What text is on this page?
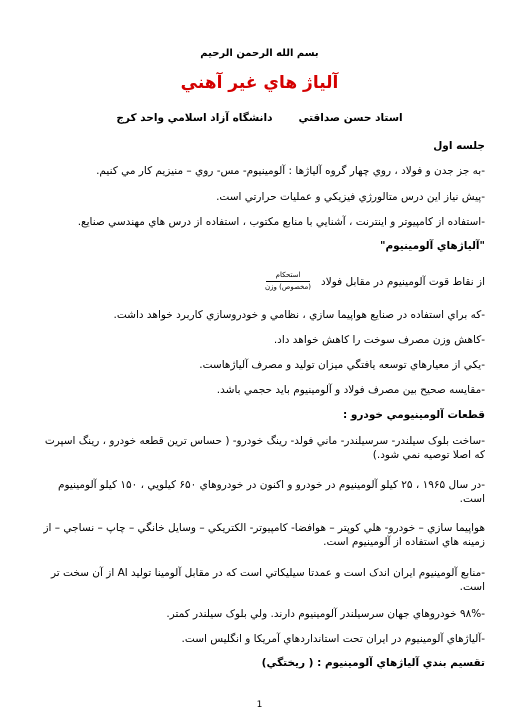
بسم الله الرحمن الرحيم
آلياژ هاي غير آهني
استاد حسن صداقتيدانشگاه آزاد اسلامي واحد کرج
جلسه اول
-به جز جدن و فولاد ، روي چهار گروه آلياژها : آلومينيوم- مس- روي – منيزيم کار مي کنيم.
-پيش نياز اين درس متالورژي فيزيکي و عمليات حرارتي است.
-استفاده از کامپيوتر و اينترنت ، آشنايي با منابع مکتوب ، استفاده از درس هاي مهندسي صنايع.
"آلياژهاي آلومينيوم"
از نقاط قوت آلومينيوم در مقابل فولاد
$\frac{\text{استحکام}}{\text{(مخصوص) وزن}}$
-که براي استفاده در صنايع هواپيما سازي ، نظامي و خودروسازي کاربرد خواهد داشت.
-کاهش وزن مصرف سوخت را کاهش خواهد داد.
-يکي از معيارهاي توسعه يافتگي ميزان توليد و مصرف آلياژهاست.
-مقايسه صحيح بين مصرف فولاد و آلومينيوم بايد حجمي باشد.
قطعات آلومينيومي خودرو :
-ساخت بلوک سيلندر- سرسيلندر- ماني فولد- رينگ خودرو- ( حساس ترين قطعه خودرو ، رينگ اسپرت که اصلا توصيه نمي شود.)
-در سال ۱۹۶۵ ، ۲۵ کيلو آلومينيوم در خودرو و اکنون در خودروهاي ۶۵۰ کيلويي ، ۱۵۰ کيلو آلومينيوم است.
هواپيما سازي – خودرو- هلي کوپتر – هوافضا- کامپيوتر- الکتريکي – وسايل خانگي – چاپ – نساجي – از زمينه هاي استفاده از آلومينيوم است.
-منابع آلومينيوم ايران اندک است و عمدتا سيليکاتي است که در مقابل آلومينا توليد Al از آن سخت تر است.
-۹۸% خودروهاي جهان سرسيلندر آلومينيوم دارند. ولي بلوک سيلندر کمتر.
-آلياژهاي آلومينيوم در ايران تحت استانداردهاي آمريکا و انگليس است.
تقسيم بندي آلياژهاي آلومينيوم : ( ريختگي)
1
